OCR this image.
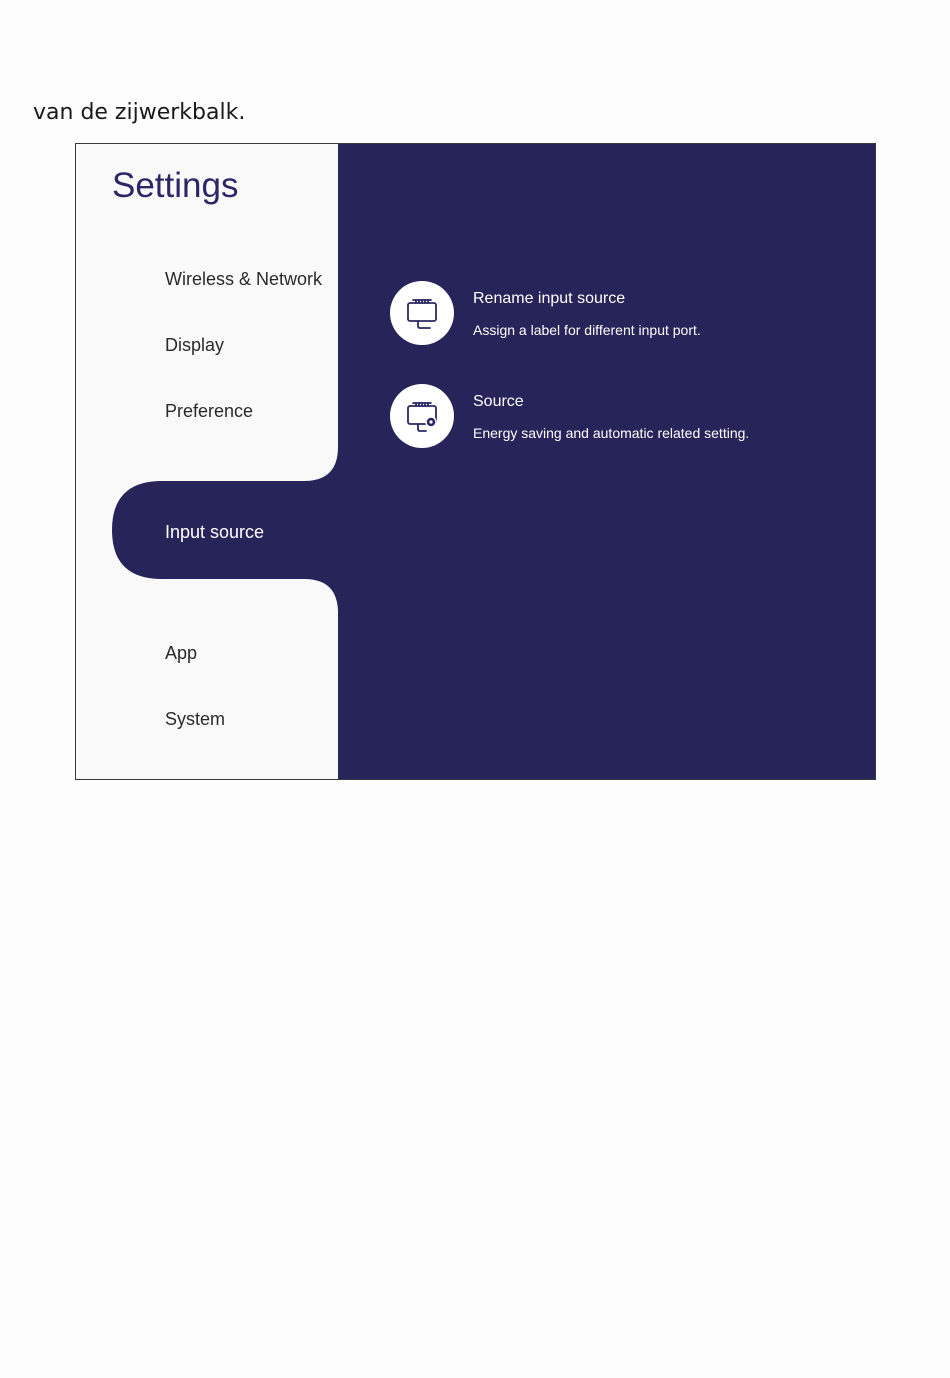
van de zijwerkbalk.
Settings
Wireless & Network
Display
Preference
Input source
App
System
Rename input source
Assign a label for different input port.
Source
Energy saving and automatic related setting.
